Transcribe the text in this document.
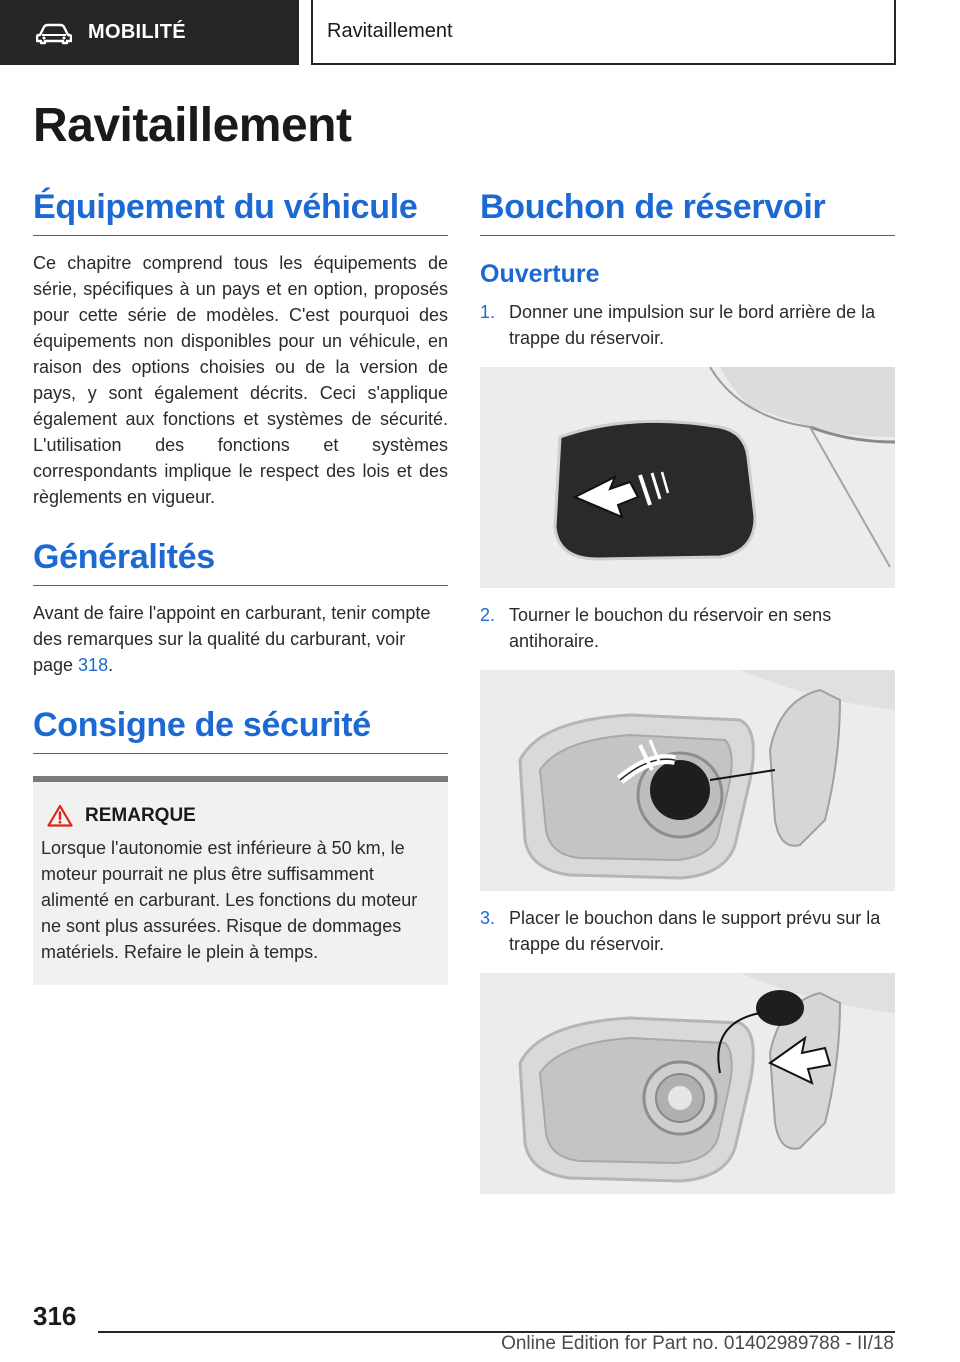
MOBILITÉ	Ravitaillement
Ravitaillement
Équipement du véhicule

Ce chapitre comprend tous les équipements de série, spécifiques à un pays et en option, proposés pour cette série de modèles. C'est pourquoi des équipements non disponibles pour un véhicule, en raison des options choisies ou de la version de pays, y sont également décrits. Ceci s'applique également aux fonctions et systèmes de sécurité. L'utilisation des fonctions et systèmes correspondants implique le respect des lois et des règlements en vigueur.

Généralités

Avant de faire l'appoint en carburant, tenir compte des remarques sur la qualité du carburant, voir page 318.

Consigne de sécurité
REMARQUE

Lorsque l'autonomie est inférieure à 50 km, le moteur pourrait ne plus être suffisamment alimenté en carburant. Les fonctions du moteur ne sont plus assurées. Risque de dommages matériels. Refaire le plein à temps.

Bouchon de réservoir
Ouverture
1. Donner une impulsion sur le bord arrière de la trappe du réservoir.
2. Tourner le bouchon du réservoir en sens antihoraire.
3. Placer le bouchon dans le support prévu sur la trappe du réservoir.
316
Online Edition for Part no. 01402989788 - II/18
